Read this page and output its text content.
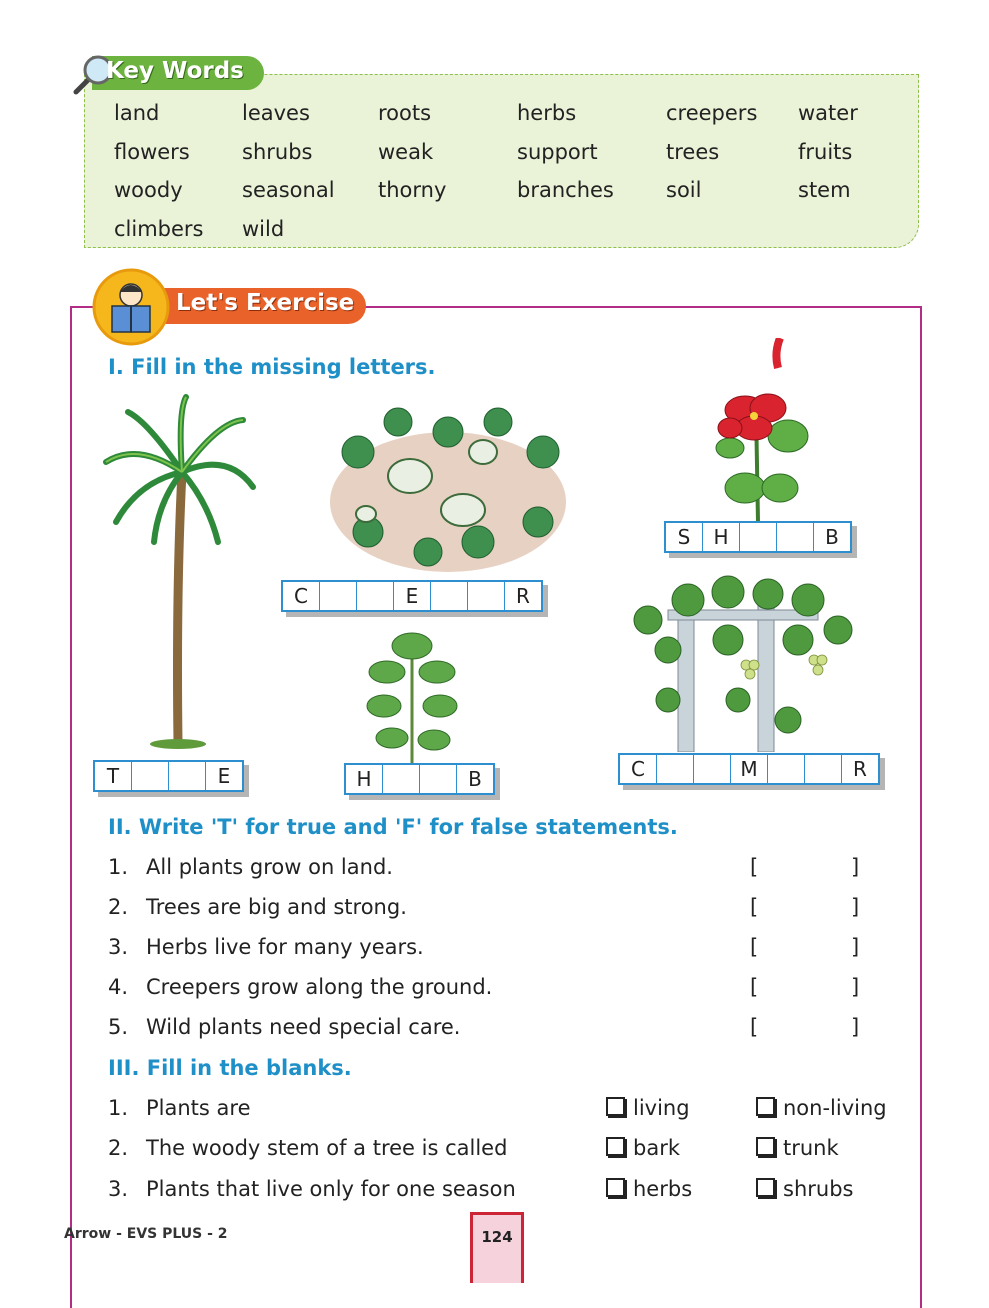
Key Words
land	leaves	roots	herbs	creepers	water
flowers	shrubs	weak	support	trees	fruits
woody	seasonal	thorny	branches	soil	stem
climbers	wild
Let's Exercise
I. Fill in the missing letters.
C	E	R
S	H	B
T	E	H	B	C	M	R
II. Write 'T' for true and 'F' for false statements.
1. All plants grow on land.	[	]
2. Trees are big and strong.	[	]
3. Herbs live for many years.	[	]
4. Creepers grow along the ground.	[	]
5. Wild plants need special care.	[	]
III. Fill in the blanks.
1. Plants are	living	non-living
2. The woody stem of a tree is called	bark	trunk
3. Plants that live only for one season	herbs	shrubs
Arrow - EVS PLUS - 2	124
